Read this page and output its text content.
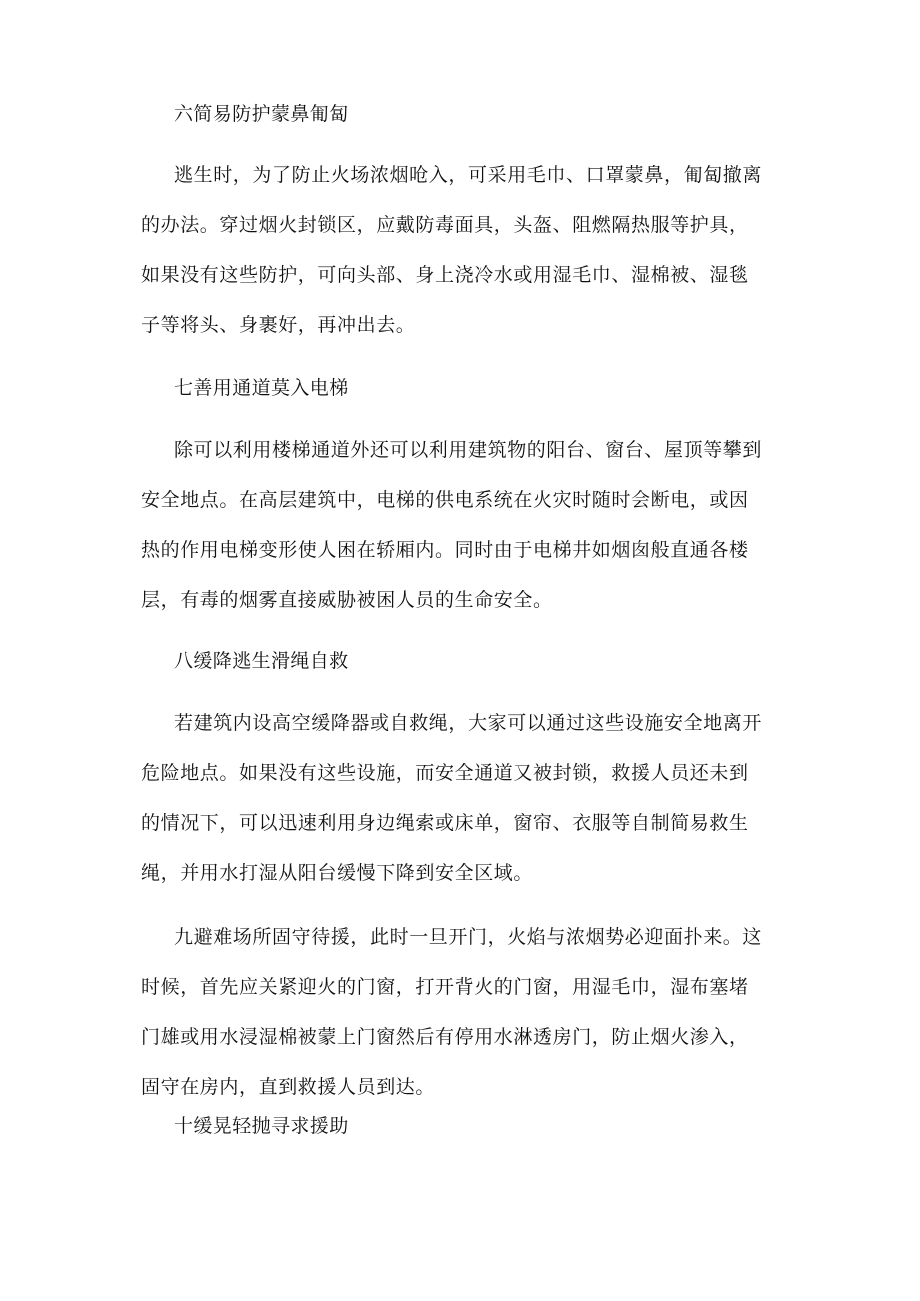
六简易防护蒙鼻匍匐
逃生时，为了防止火场浓烟呛入，可采用毛巾、口罩蒙鼻，匍匐撤离
的办法。穿过烟火封锁区，应戴防毒面具，头盔、阻燃隔热服等护具，
如果没有这些防护，可向头部、身上浇冷水或用湿毛巾、湿棉被、湿毯
子等将头、身裹好，再冲出去。
七善用通道莫入电梯
除可以利用楼梯通道外还可以利用建筑物的阳台、窗台、屋顶等攀到
安全地点。在高层建筑中，电梯的供电系统在火灾时随时会断电，或因
热的作用电梯变形使人困在轿厢内。同时由于电梯井如烟囱般直通各楼
层，有毒的烟雾直接威胁被困人员的生命安全。
八缓降逃生滑绳自救
若建筑内设高空缓降器或自救绳，大家可以通过这些设施安全地离开
危险地点。如果没有这些设施，而安全通道又被封锁，救援人员还未到
的情况下，可以迅速利用身边绳索或床单，窗帘、衣服等自制简易救生
绳，并用水打湿从阳台缓慢下降到安全区域。
九避难场所固守待援，此时一旦开门，火焰与浓烟势必迎面扑来。这
时候，首先应关紧迎火的门窗，打开背火的门窗，用湿毛巾，湿布塞堵
门雄或用水浸湿棉被蒙上门窗然后有停用水淋透房门，防止烟火渗入，
固守在房内，直到救援人员到达。
十缓晃轻抛寻求援助
